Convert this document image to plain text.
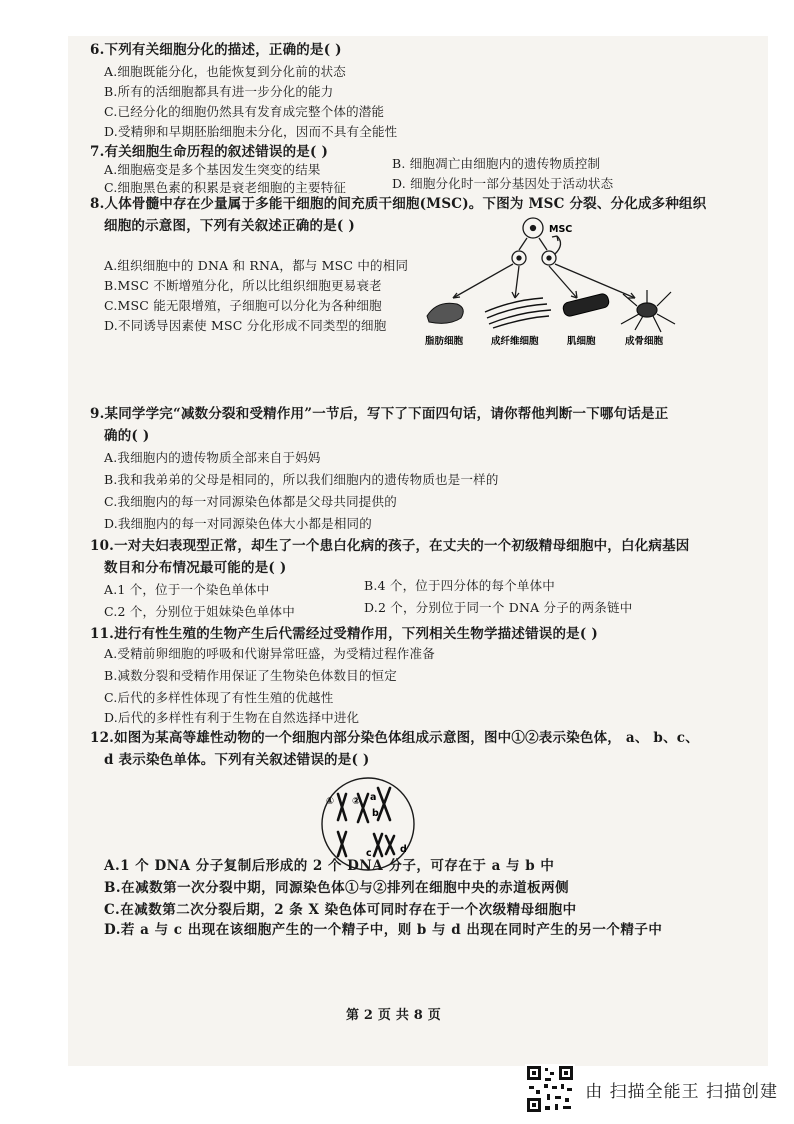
6.下列有关细胞分化的描述，正确的是( )
A.细胞既能分化，也能恢复到分化前的状态
B.所有的活细胞都具有进一步分化的能力
C.已经分化的细胞仍然具有发育成完整个体的潜能
D.受精卵和早期胚胎细胞未分化，因而不具有全能性
7.有关细胞生命历程的叙述错误的是( )
A.细胞癌变是多个基因发生突变的结果	B. 细胞凋亡由细胞内的遗传物质控制
C.细胞黑色素的积累是衰老细胞的主要特征	D. 细胞分化时一部分基因处于活动状态
8.人体骨髓中存在少量属于多能干细胞的间充质干细胞(MSC)。下图为 MSC 分裂、分化成多种组织
细胞的示意图，下列有关叙述正确的是( )
A.组织细胞中的 DNA 和 RNA，都与 MSC 中的相同
B.MSC 不断增殖分化，所以比组织细胞更易衰老
C.MSC 能无限增殖，子细胞可以分化为各种细胞
D.不同诱导因素使 MSC 分化形成不同类型的细胞
MSC
脂肪细胞	成纤维细胞	肌细胞	成骨细胞
9.某同学学完“减数分裂和受精作用”一节后，写下了下面四句话，请你帮他判断一下哪句话是正
确的( )
A.我细胞内的遗传物质全部来自于妈妈
B.我和我弟弟的父母是相同的，所以我们细胞内的遗传物质也是一样的
C.我细胞内的每一对同源染色体都是父母共同提供的
D.我细胞内的每一对同源染色体大小都是相同的
10.一对夫妇表现型正常，却生了一个患白化病的孩子，在丈夫的一个初级精母细胞中，白化病基因
数目和分布情况最可能的是( )
A.1 个，位于一个染色单体中	B.4 个，位于四分体的每个单体中
C.2 个，分别位于姐妹染色单体中	D.2 个，分别位于同一个 DNA 分子的两条链中
11.进行有性生殖的生物产生后代需经过受精作用，下列相关生物学描述错误的是( )
A.受精前卵细胞的呼吸和代谢异常旺盛，为受精过程作准备
B.减数分裂和受精作用保证了生物染色体数目的恒定
C.后代的多样性体现了有性生殖的优越性
D.后代的多样性有利于生物在自然选择中进化
12.如图为某高等雄性动物的一个细胞内部分染色体组成示意图，图中①②表示染色体， a、 b、c、
d 表示染色单体。下列有关叙述错误的是( )
① ② a
b
c	d
A.1 个 DNA 分子复制后形成的 2 个 DNA 分子，可存在于 a 与 b 中
B.在减数第一次分裂中期，同源染色体①与②排列在细胞中央的赤道板两侧
C.在减数第二次分裂后期，2 条 X 染色体可同时存在于一个次级精母细胞中
D.若 a 与 c 出现在该细胞产生的一个精子中，则 b 与 d 出现在同时产生的另一个精子中
第 2 页 共 8 页
由 扫描全能王 扫描创建
